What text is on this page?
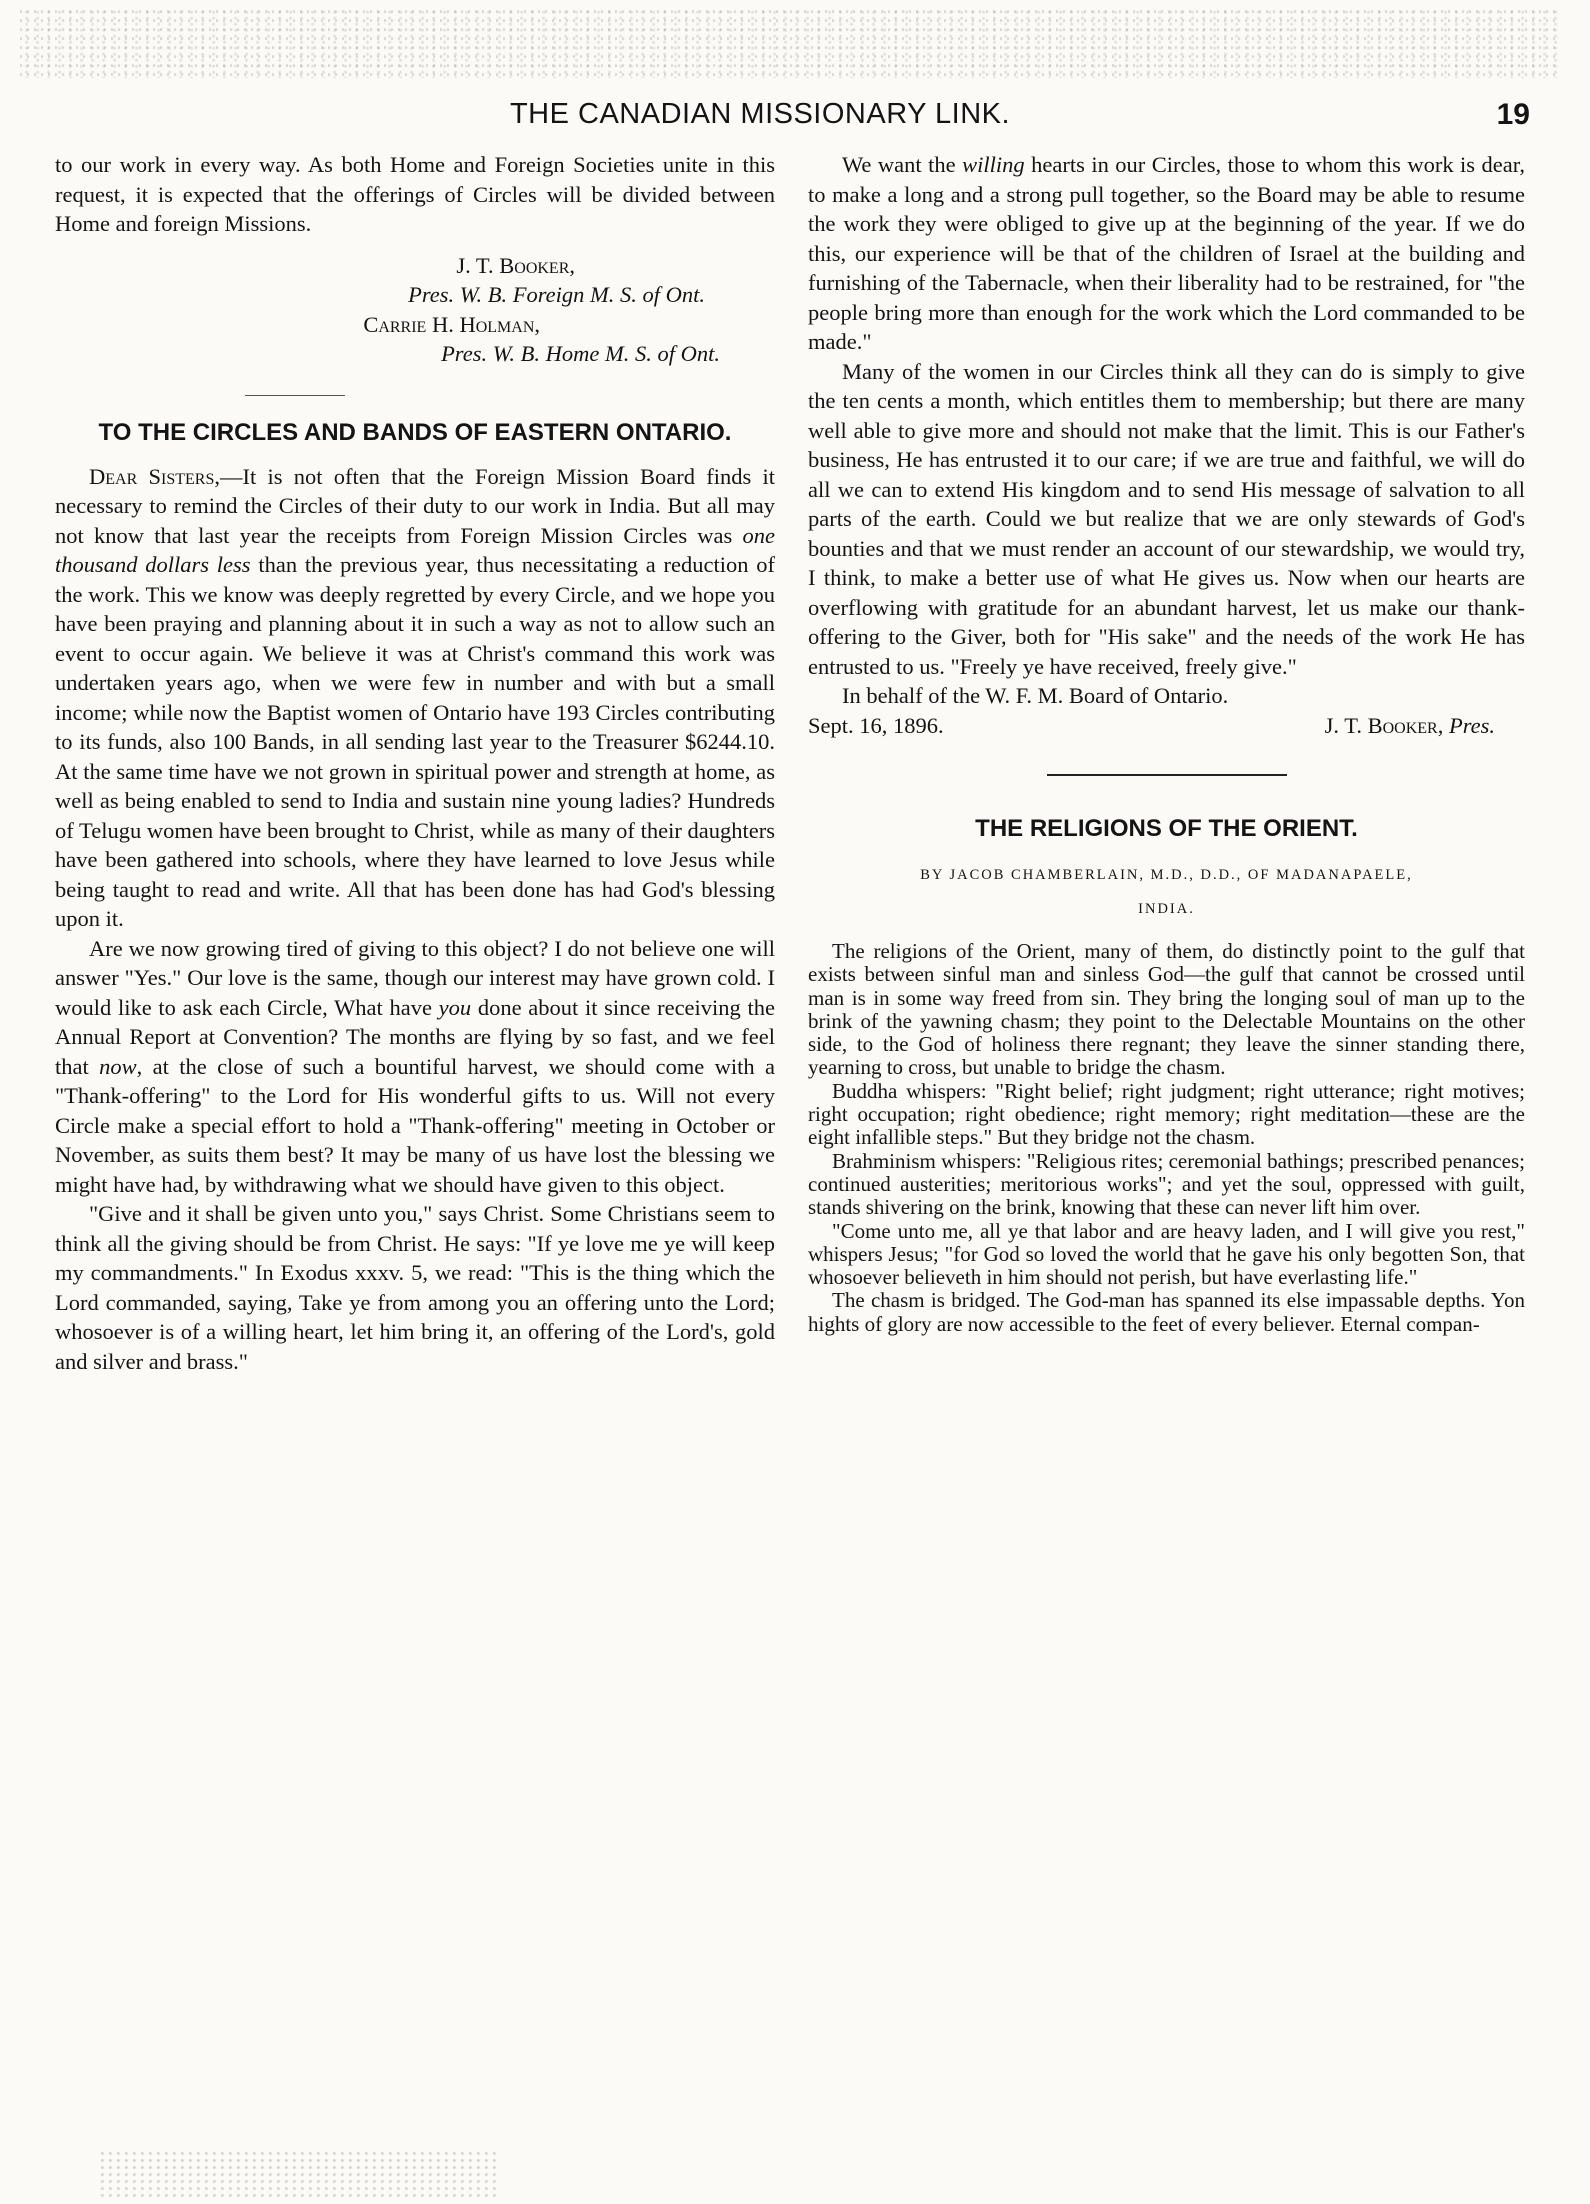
THE CANADIAN MISSIONARY LINK.	19

to our work in every way. As both Home and Foreign Societies unite in this request, it is expected that the offerings of Circles will be divided between Home and foreign Missions.

J. T. Booker,
Pres. W. B. Foreign M. S. of Ont.
Carrie H. Holman,
Pres. W. B. Home M. S. of Ont.
TO THE CIRCLES AND BANDS OF EASTERN ONTARIO.

Dear Sisters,—It is not often that the Foreign Mission Board finds it necessary to remind the Circles of their duty to our work in India. But all may not know that last year the receipts from Foreign Mission Circles was one thousand dollars less than the previous year, thus necessitating a reduction of the work. This we know was deeply regretted by every Circle, and we hope you have been praying and planning about it in such a way as not to allow such an event to occur again. We believe it was at Christ's command this work was undertaken years ago, when we were few in number and with but a small income; while now the Baptist women of Ontario have 193 Circles contributing to its funds, also 100 Bands, in all sending last year to the Treasurer $6244.10. At the same time have we not grown in spiritual power and strength at home, as well as being enabled to send to India and sustain nine young ladies? Hundreds of Telugu women have been brought to Christ, while as many of their daughters have been gathered into schools, where they have learned to love Jesus while being taught to read and write. All that has been done has had God's blessing upon it.

Are we now growing tired of giving to this object? I do not believe one will answer "Yes." Our love is the same, though our interest may have grown cold. I would like to ask each Circle, What have you done about it since receiving the Annual Report at Convention? The months are flying by so fast, and we feel that now, at the close of such a bountiful harvest, we should come with a "Thank-offering" to the Lord for His wonderful gifts to us. Will not every Circle make a special effort to hold a "Thank-offering" meeting in October or November, as suits them best? It may be many of us have lost the blessing we might have had, by withdrawing what we should have given to this object.

"Give and it shall be given unto you," says Christ. Some Christians seem to think all the giving should be from Christ. He says: "If ye love me ye will keep my commandments." In Exodus xxxv. 5, we read: "This is the thing which the Lord commanded, saying, Take ye from among you an offering unto the Lord; whosoever is of a willing heart, let him bring it, an offering of the Lord's, gold and silver and brass."

We want the willing hearts in our Circles, those to whom this work is dear, to make a long and a strong pull together, so the Board may be able to resume the work they were obliged to give up at the beginning of the year. If we do this, our experience will be that of the children of Israel at the building and furnishing of the Tabernacle, when their liberality had to be restrained, for "the people bring more than enough for the work which the Lord commanded to be made."

Many of the women in our Circles think all they can do is simply to give the ten cents a month, which entitles them to membership; but there are many well able to give more and should not make that the limit. This is our Father's business, He has entrusted it to our care; if we are true and faithful, we will do all we can to extend His kingdom and to send His message of salvation to all parts of the earth. Could we but realize that we are only stewards of God's bounties and that we must render an account of our stewardship, we would try, I think, to make a better use of what He gives us. Now when our hearts are overflowing with gratitude for an abundant harvest, let us make our thank-offering to the Giver, both for "His sake" and the needs of the work He has entrusted to us. "Freely ye have received, freely give."

In behalf of the W. F. M. Board of Ontario.

Sept. 16, 1896.	J. T. Booker, Pres.

THE RELIGIONS OF THE ORIENT.
BY JACOB CHAMBERLAIN, M.D., D.D., OF MADANAPAELE,
INDIA.

The religions of the Orient, many of them, do distinctly point to the gulf that exists between sinful man and sinless God—the gulf that cannot be crossed until man is in some way freed from sin. They bring the longing soul of man up to the brink of the yawning chasm; they point to the Delectable Mountains on the other side, to the God of holiness there regnant; they leave the sinner standing there, yearning to cross, but unable to bridge the chasm.

Buddha whispers: "Right belief; right judgment; right utterance; right motives; right occupation; right obedience; right memory; right meditation—these are the eight infallible steps." But they bridge not the chasm.

Brahminism whispers: "Religious rites; ceremonial bathings; prescribed penances; continued austerities; meritorious works"; and yet the soul, oppressed with guilt, stands shivering on the brink, knowing that these can never lift him over.

"Come unto me, all ye that labor and are heavy laden, and I will give you rest," whispers Jesus; "for God so loved the world that he gave his only begotten Son, that whosoever believeth in him should not perish, but have everlasting life."

The chasm is bridged. The God-man has spanned its else impassable depths. Yon hights of glory are now accessible to the feet of every believer. Eternal compan-
